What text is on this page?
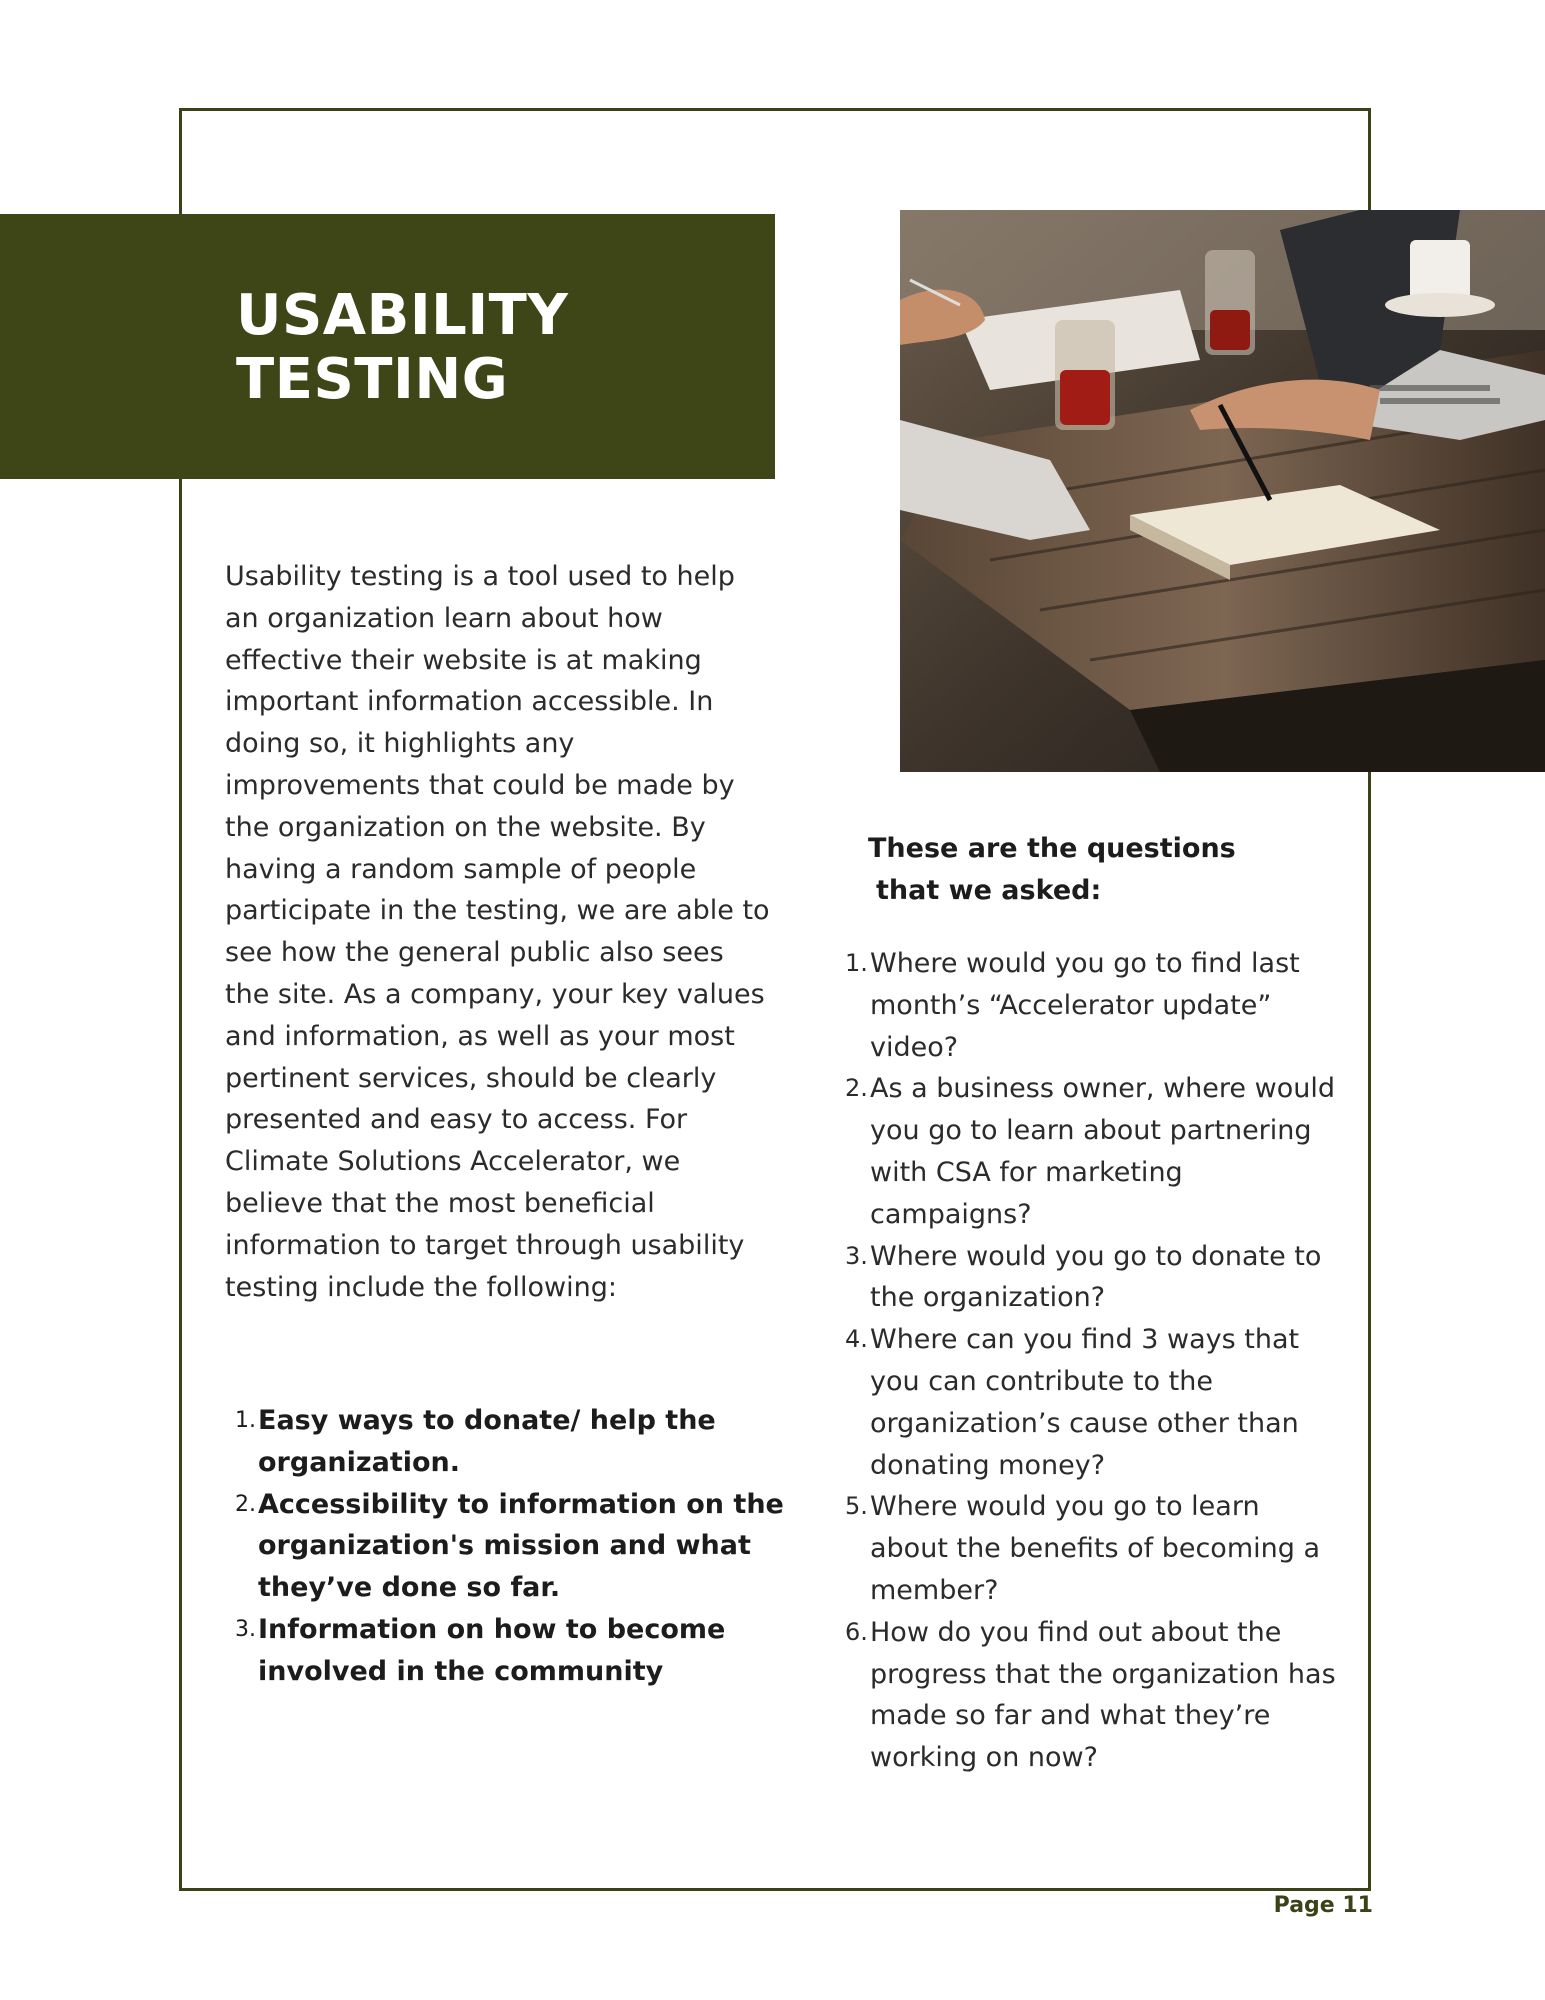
USABILITY
TESTING

Usability testing is a tool used to help an organization learn about how effective their website is at making important information accessible. In doing so, it highlights any improvements that could be made by the organization on the website. By having a random sample of people participate in the testing, we are able to see how the general public also sees the site. As a company, your key values and information, as well as your most pertinent services, should be clearly presented and easy to access. For Climate Solutions Accelerator, we believe that the most beneficial information to target through usability testing include the following:

1. Easy ways to donate/ help the organization.
2. Accessibility to information on the organization's mission and what they’ve done so far.
3. Information on how to become involved in the community
These are the questions
that we asked:
1. Where would you go to find last month’s “Accelerator update” video?
2. As a business owner, where would you go to learn about partnering with CSA for marketing campaigns?
3. Where would you go to donate to the organization?
4. Where can you find 3 ways that you can contribute to the organization’s cause other than donating money?
5. Where would you go to learn about the benefits of becoming a member?
6. How do you find out about the progress that the organization has made so far and what they’re working on now?
Page 11
